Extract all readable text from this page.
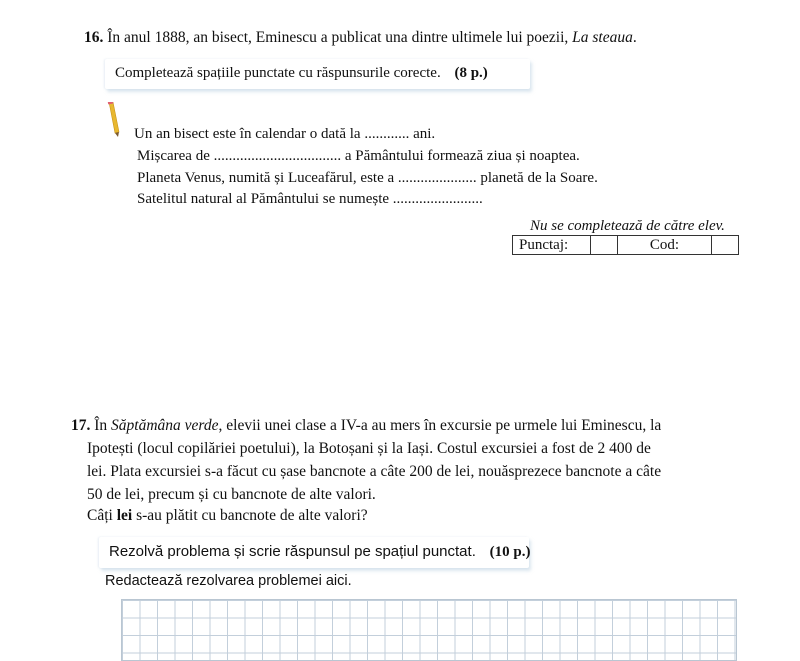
16. În anul 1888, an bisect, Eminescu a publicat una dintre ultimele lui poezii, La steaua.
Completează spațiile punctate cu răspunsurile corecte. (8 p.)
Un an bisect este în calendar o dată la ............ ani.
Mișcarea de .................................. a Pământului formează ziua și noaptea.
Planeta Venus, numită și Luceafărul, este a ..................... planetă de la Soare.
Satelitul natural al Pământului se numește ........................
Nu se completează de către elev.
Punctaj:		Cod:	
17. În Săptămâna verde, elevii unei clase a IV-a au mers în excursie pe urmele lui Eminescu, la
Ipotești (locul copilăriei poetului), la Botoșani și la Iași. Costul excursiei a fost de 2 400 de
lei. Plata excursiei s-a făcut cu șase bancnote a câte 200 de lei, nouăsprezece bancnote a câte
50 de lei, precum și cu bancnote de alte valori.
Câți lei s-au plătit cu bancnote de alte valori?
Rezolvă problema și scrie răspunsul pe spațiul punctat. (10 p.)
Redactează rezolvarea problemei aici.
